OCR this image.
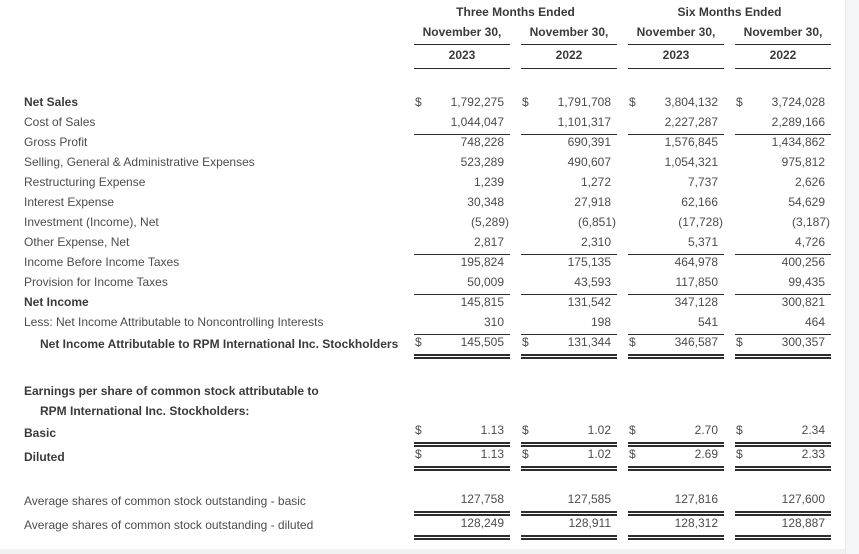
	Three Months Ended						Six Months Ended				
	November 30,			November 30,			November 30,			November 30,	
	2023			2022			2023			2022	

Net Sales	$	1,792,275		$	1,791,708		$	3,804,132		$	3,724,028
Cost of Sales		1,044,047			1,101,317			2,227,287			2,289,166
Gross Profit		748,228			690,391			1,576,845			1,434,862
Selling, General & Administrative Expenses		523,289			490,607			1,054,321			975,812
Restructuring Expense		1,239			1,272			7,737			2,626
Interest Expense		30,348			27,918			62,166			54,629
Investment (Income), Net		(5,289)			(6,851)			(17,728)			(3,187)
Other Expense, Net		2,817			2,310			5,371			4,726
Income Before Income Taxes		195,824			175,135			464,978			400,256
Provision for Income Taxes		50,009			43,593			117,850			99,435
Net Income		145,815			131,542			347,128			300,821
Less: Net Income Attributable to Noncontrolling Interests		310			198			541			464
Net Income Attributable to RPM International Inc. Stockholders	$	145,505		$	131,344		$	346,587		$	300,357

Earnings per share of common stock attributable to											
RPM International Inc. Stockholders:											
Basic	$	1.13		$	1.02		$	2.70		$	2.34
Diluted	$	1.13		$	1.02		$	2.69		$	2.33

Average shares of common stock outstanding - basic		127,758			127,585			127,816			127,600
Average shares of common stock outstanding - diluted		128,249			128,911			128,312			128,887
